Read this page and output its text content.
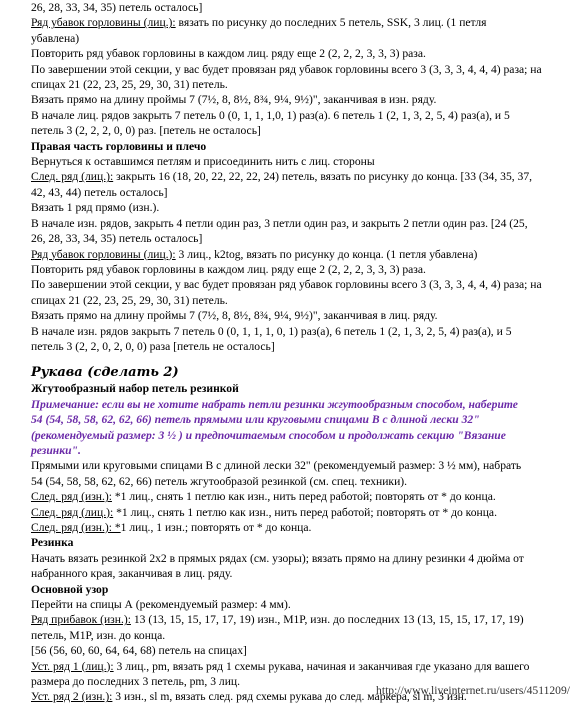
26, 28, 33, 34, 35) петель осталось]
Ряд убавок горловины (лиц.): вязать по рисунку до последних 5 петель, SSK, 3 лиц. (1 петля
убавлена)
Повторить ряд убавок горловины в каждом лиц. ряду еще 2 (2, 2, 2, 3, 3, 3) раза.
По завершении этой секции, у вас будет провязан ряд убавок горловины всего 3 (3, 3, 3, 4, 4, 4) раза; на
спицах 21 (22, 23, 25, 29, 30, 31) петель.
Вязать прямо на длину проймы 7 (7½, 8, 8½, 8¾, 9¼, 9½)", заканчивая в изн. ряду.
В начале лиц. рядов закрыть 7 петель 0 (0, 1, 1, 1,0, 1) раз(а). 6 петель 1 (2, 1, 3, 2, 5, 4) раз(а), и 5
петель 3 (2, 2, 2, 0, 0) раз. [петель не осталось]
Правая часть горловины и плечо
Вернуться к оставшимся петлям и присоединить нить с лиц. стороны
След. ряд (лиц.): закрыть 16 (18, 20, 22, 22, 22, 24) петель, вязать по рисунку до конца. [33 (34, 35, 37,
42, 43, 44) петель осталось]
Вязать 1 ряд прямо (изн.).
В начале изн. рядов, закрыть 4 петли один раз, 3 петли один раз, и закрыть 2 петли один раз. [24 (25,
26, 28, 33, 34, 35) петель осталось]
Ряд убавок горловины (лиц.): 3 лиц., k2tog, вязать по рисунку до конца. (1 петля убавлена)
Повторить ряд убавок горловины в каждом лиц. ряду еще 2 (2, 2, 2, 3, 3, 3) раза.
По завершении этой секции, у вас будет провязан ряд убавок горловины всего 3 (3, 3, 3, 4, 4, 4) раза; на
спицах 21 (22, 23, 25, 29, 30, 31) петель.
Вязать прямо на длину проймы 7 (7½, 8, 8½, 8¾, 9¼, 9½)", заканчивая в лиц. ряду.
В начале изн. рядов закрыть 7 петель 0 (0, 1, 1, 1, 0, 1) раз(а), 6 петель 1 (2, 1, 3, 2, 5, 4) раз(а), и 5
петель 3 (2, 2, 0, 2, 0, 0) раза [петель не осталось]
Рукава (сделать 2)
Жгутообразный набор петель резинкой
Примечание: если вы не хотите набрать петли резинки жгутообразным способом, наберите
54 (54, 58, 58, 62, 62, 66) петель прямыми или круговыми спицами B с длиной лески 32"
(рекомендуемый размер: 3 ½ ) и предпочитаемым способом и продолжать секцию "Вязание
резинки".
Прямыми или круговыми спицами В с длиной лески 32" (рекомендуемый размер: 3 ½ мм), набрать
54 (54, 58, 58, 62, 62, 66) петель жгутообразой резинкой (см. спец. техники).
След. ряд (изн.): *1 лиц., снять 1 петлю как изн., нить перед работой; повторять от * до конца.
След. ряд (лиц.): *1 лиц., снять 1 петлю как изн., нить перед работой; повторять от * до конца.
След. ряд (изн.): *1 лиц., 1 изн.; повторять от * до конца.
Резинка
Начать вязать резинкой 2х2 в прямых рядах (см. узоры); вязать прямо на длину резинки 4 дюйма от
набранного края, заканчивая в лиц. ряду.
Основной узор
Перейти на спицы А (рекомендуемый размер: 4 мм).
Ряд прибавок (изн.): 13 (13, 15, 15, 17, 17, 19) изн., M1P, изн. до последних 13 (13, 15, 15, 17, 17, 19)
петель, M1P, изн. до конца.
[56 (56, 60, 60, 64, 64, 68) петель на спицах]
Уст. ряд 1 (лиц.): 3 лиц., pm, вязать ряд 1 схемы рукава, начиная и заканчивая где указано для вашего
размера до последних 3 петель, pm, 3 лиц.
Уст. ряд 2 (изн.): 3 изн., sl m, вязать след. ряд схемы рукава до след. маркера, sl m, 3 изн.
http://www.liveinternet.ru/users/4511209/
